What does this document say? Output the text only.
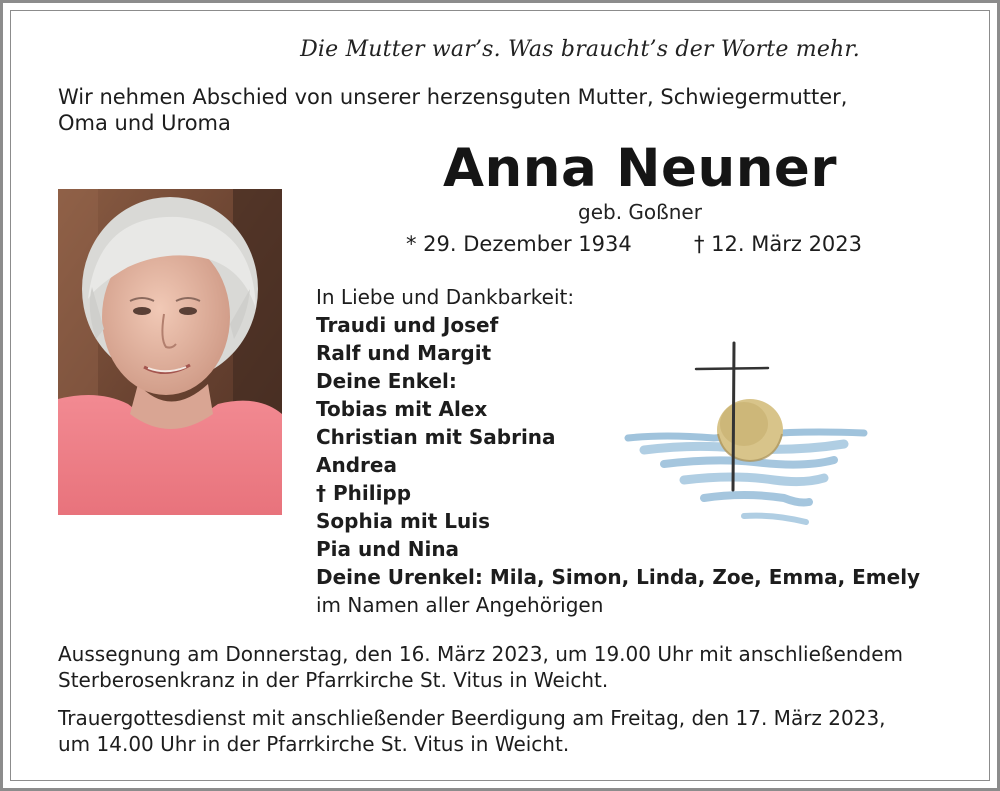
Die Mutter war’s. Was braucht’s der Worte mehr.
Wir nehmen Abschied von unserer herzensguten Mutter, Schwiegermutter,
Oma und Uroma
Anna Neuner
geb. Goßner
* 29. Dezember 1934	† 12. März 2023
In Liebe und Dankbarkeit:
Traudi und Josef
Ralf und Margit
Deine Enkel:
Tobias mit Alex
Christian mit Sabrina
Andrea
† Philipp
Sophia mit Luis
Pia und Nina
Deine Urenkel: Mila, Simon, Linda, Zoe, Emma, Emely
im Namen aller Angehörigen
Aussegnung am Donnerstag, den 16. März 2023, um 19.00 Uhr mit anschließendem
Sterberosenkranz in der Pfarrkirche St. Vitus in Weicht.
Trauergottesdienst mit anschließender Beerdigung am Freitag, den 17. März 2023,
um 14.00 Uhr in der Pfarrkirche St. Vitus in Weicht.
